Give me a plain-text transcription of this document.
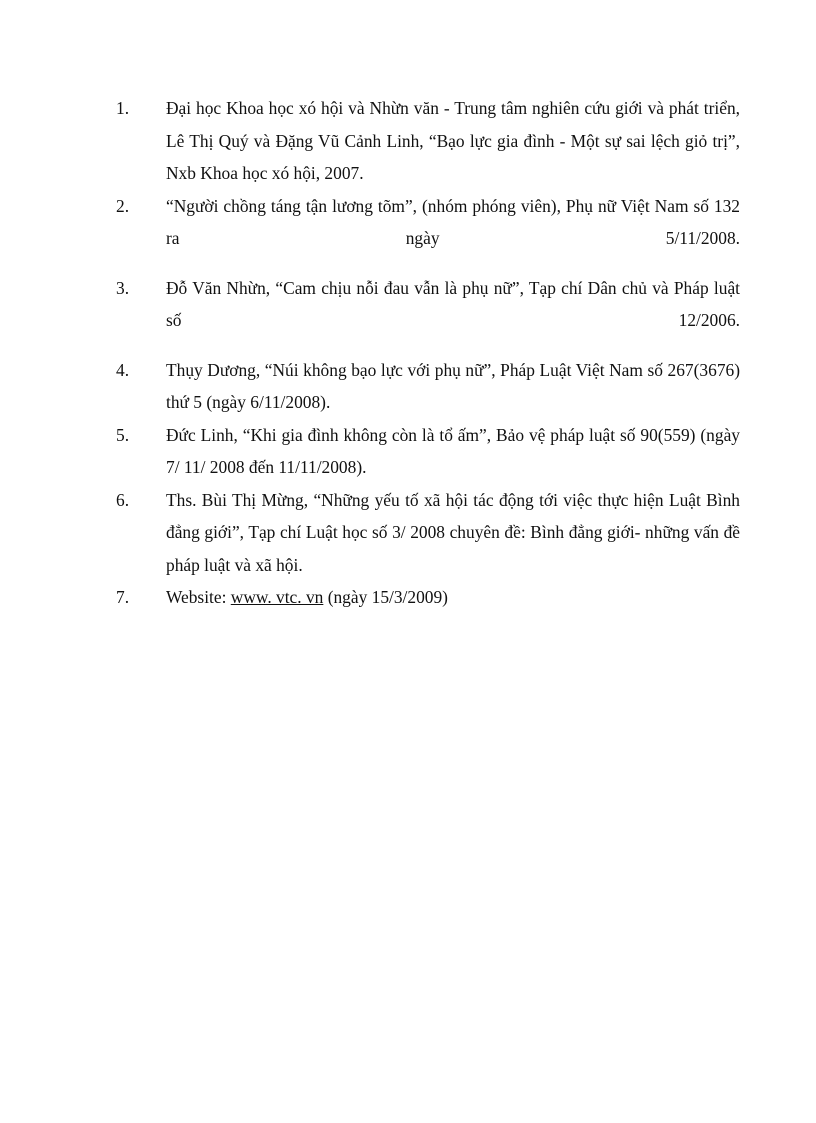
1. Đại học Khoa học xó hội và Nhừn văn - Trung tâm nghiên cứu giới và phát triển, Lê Thị Quý và Đặng Vũ Cảnh Linh, “Bạo lực gia đình - Một sự sai lệch giỏ trị”, Nxb Khoa học xó hội, 2007.
2. “Người chồng táng tận lương tõm”, (nhóm phóng viên), Phụ nữ Việt Nam số 132 ra ngày 5/11/2008.
3. Đỗ Văn Nhừn, “Cam chịu nỗi đau vẫn là phụ nữ”, Tạp chí Dân chủ và Pháp luật số 12/2006.
4. Thụy Dương, “Núi không bạo lực với phụ nữ”, Pháp Luật Việt Nam số 267(3676) thứ 5 (ngày 6/11/2008).
5. Đức Linh, “Khi gia đình không còn là tổ ấm”, Bảo vệ pháp luật số 90(559) (ngày 7/ 11/ 2008 đến 11/11/2008).
6. Ths. Bùi Thị Mừng, “Những yếu tố xã hội tác động tới việc thực hiện Luật Bình đẳng giới”, Tạp chí Luật học số 3/ 2008 chuyên đề: Bình đẳng giới- những vấn đề pháp luật và xã hội.
7. Website: www. vtc. vn (ngày 15/3/2009)
